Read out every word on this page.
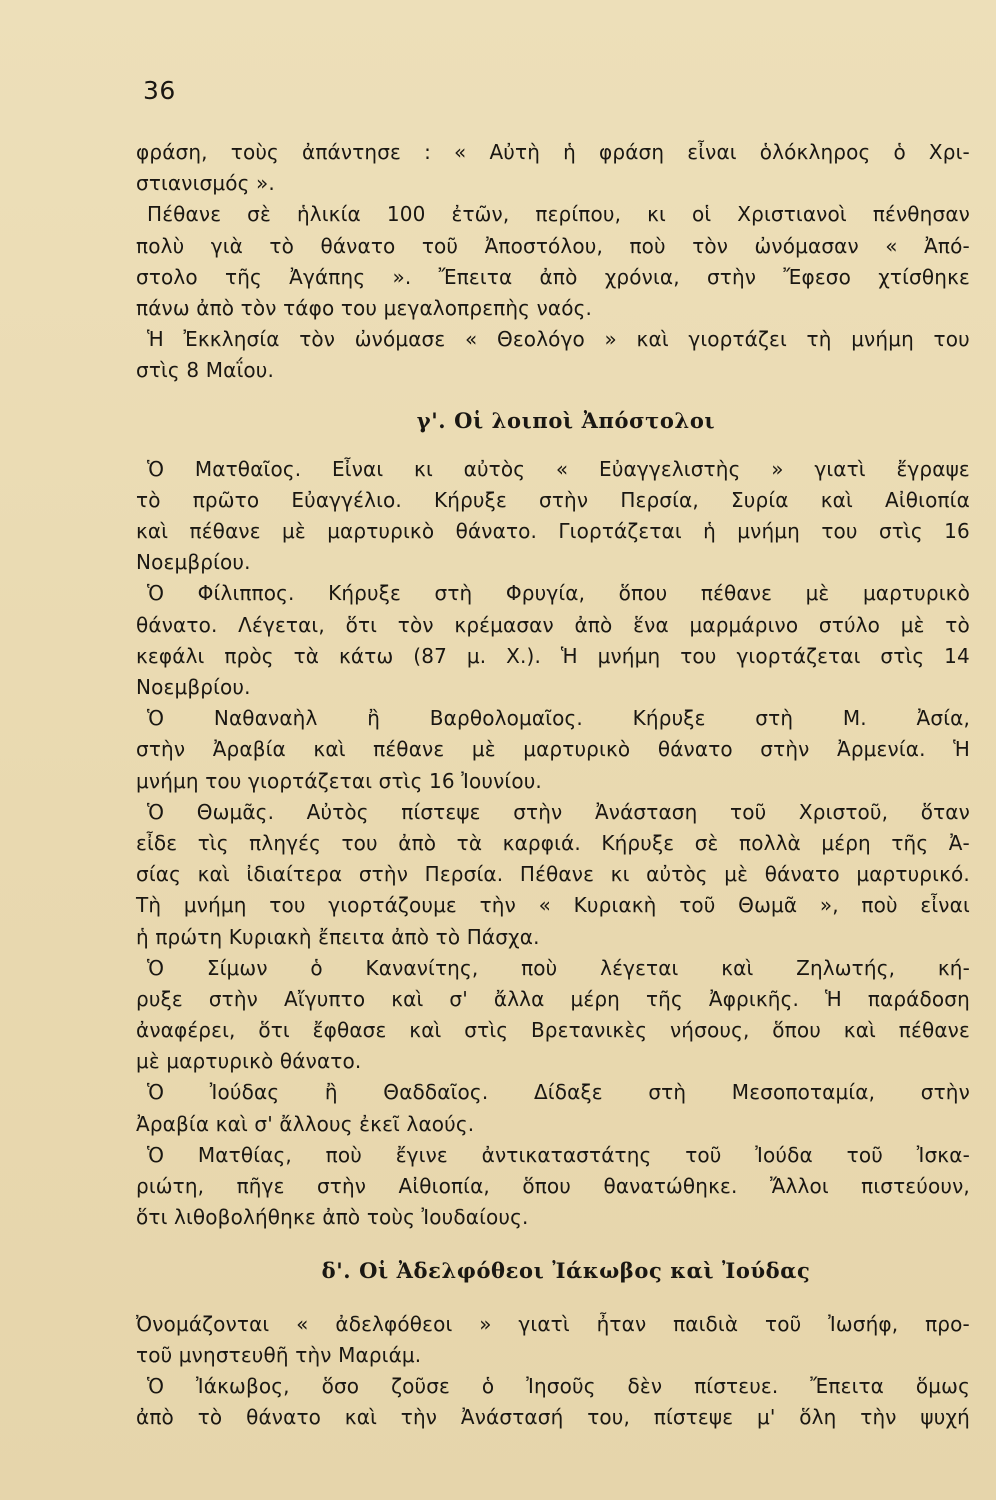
36
φράση, τοὺς ἀπάντησε : « Αὐτὴ ἡ φράση εἶναι ὁλόκληρος ὁ Χρι-
στιανισμός ».
Πέθανε σὲ ἡλικία 100 ἐτῶν, περίπου, κι οἱ Χριστιανοὶ πένθησαν
πολὺ γιὰ τὸ θάνατο τοῦ Ἀποστόλου, ποὺ τὸν ὠνόμασαν « Ἀπό-
στολο τῆς Ἀγάπης ». Ἔπειτα ἀπὸ χρόνια, στὴν Ἔφεσο χτίσθηκε
πάνω ἀπὸ τὸν τάφο του μεγαλοπρεπὴς ναός.
Ἡ Ἐκκλησία τὸν ὠνόμασε « Θεολόγο » καὶ γιορτάζει τὴ μνήμη του
στὶς 8 Μαΐου.
γ'. Οἱ λοιποὶ Ἀπόστολοι
Ὁ Ματθαῖος. Εἶναι κι αὐτὸς « Εὐαγγελιστὴς » γιατὶ ἔγραψε
τὸ πρῶτο Εὐαγγέλιο. Κήρυξε στὴν Περσία, Συρία καὶ Αἰθιοπία
καὶ πέθανε μὲ μαρτυρικὸ θάνατο. Γιορτάζεται ἡ μνήμη του στὶς 16
Νοεμβρίου.
Ὁ Φίλιππος. Κήρυξε στὴ Φρυγία, ὅπου πέθανε μὲ μαρτυρικὸ
θάνατο. Λέγεται, ὅτι τὸν κρέμασαν ἀπὸ ἕνα μαρμάρινο στύλο μὲ τὸ
κεφάλι πρὸς τὰ κάτω (87 μ. Χ.). Ἡ μνήμη του γιορτάζεται στὶς 14
Νοεμβρίου.
Ὁ Ναθαναὴλ ἢ Βαρθολομαῖος. Κήρυξε στὴ Μ. Ἀσία,
στὴν Ἀραβία καὶ πέθανε μὲ μαρτυρικὸ θάνατο στὴν Ἀρμενία. Ἡ
μνήμη του γιορτάζεται στὶς 16 Ἰουνίου.
Ὁ Θωμᾶς. Αὐτὸς πίστεψε στὴν Ἀνάσταση τοῦ Χριστοῦ, ὅταν
εἶδε τὶς πληγές του ἀπὸ τὰ καρφιά. Κήρυξε σὲ πολλὰ μέρη τῆς Ἀ-
σίας καὶ ἰδιαίτερα στὴν Περσία. Πέθανε κι αὐτὸς μὲ θάνατο μαρτυρικό.
Τὴ μνήμη του γιορτάζουμε τὴν « Κυριακὴ τοῦ Θωμᾶ », ποὺ εἶναι
ἡ πρώτη Κυριακὴ ἔπειτα ἀπὸ τὸ Πάσχα.
Ὁ Σίμων ὁ Κανανίτης, ποὺ λέγεται καὶ Ζηλωτής, κή-
ρυξε στὴν Αἴγυπτο καὶ σ' ἄλλα μέρη τῆς Ἀφρικῆς. Ἡ παράδοση
ἀναφέρει, ὅτι ἔφθασε καὶ στὶς Βρετανικὲς νήσους, ὅπου καὶ πέθανε
μὲ μαρτυρικὸ θάνατο.
Ὁ Ἰούδας ἢ Θαδδαῖος. Δίδαξε στὴ Μεσοποταμία, στὴν
Ἀραβία καὶ σ' ἄλλους ἐκεῖ λαούς.
Ὁ Ματθίας, ποὺ ἔγινε ἀντικαταστάτης τοῦ Ἰούδα τοῦ Ἰσκα-
ριώτη, πῆγε στὴν Αἰθιοπία, ὅπου θανατώθηκε. Ἄλλοι πιστεύουν,
ὅτι λιθοβολήθηκε ἀπὸ τοὺς Ἰουδαίους.
δ'. Οἱ Ἀδελφόθεοι Ἰάκωβος καὶ Ἰούδας
Ὀνομάζονται « ἀδελφόθεοι » γιατὶ ἦταν παιδιὰ τοῦ Ἰωσήφ, προ-
τοῦ μνηστευθῆ τὴν Μαριάμ.
Ὁ Ἰάκωβος, ὅσο ζοῦσε ὁ Ἰησοῦς δὲν πίστευε. Ἔπειτα ὅμως
ἀπὸ τὸ θάνατο καὶ τὴν Ἀνάστασή του, πίστεψε μ' ὅλη τὴν ψυχή
